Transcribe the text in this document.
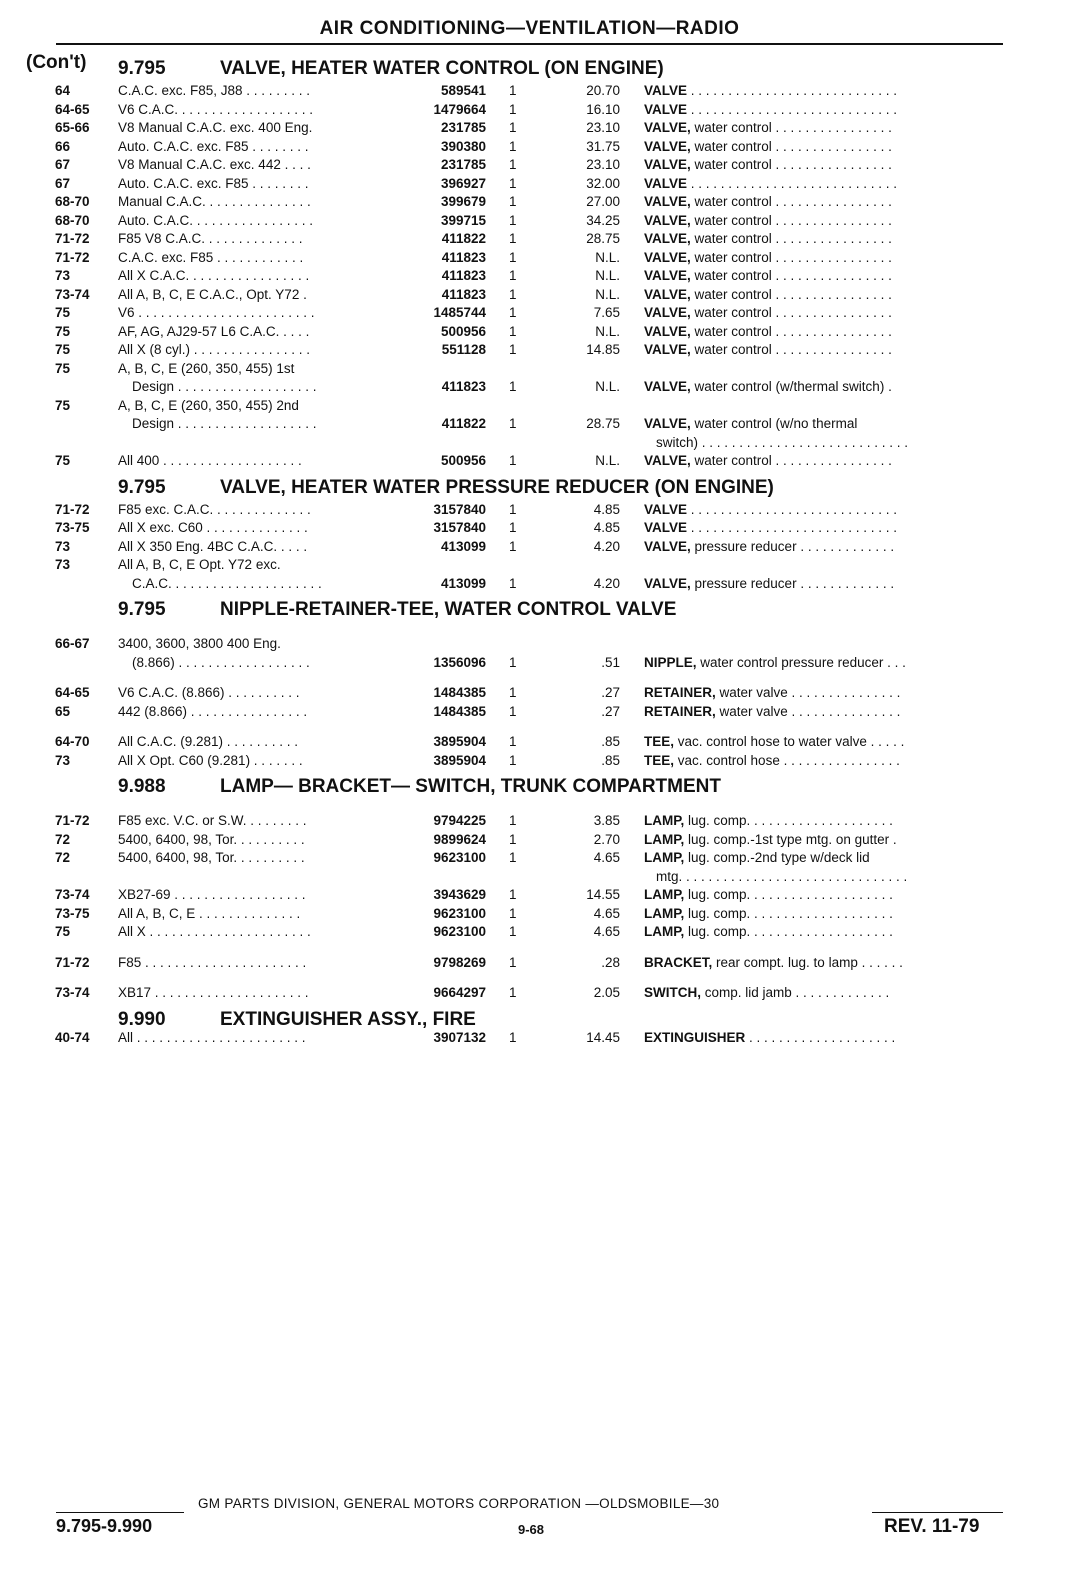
AIR CONDITIONING—VENTILATION—RADIO
9.795	VALVE, HEATER WATER CONTROL (ON ENGINE)
(Con't)
64	C.A.C. exc. F85, J88 . . . . . . . . .	589541 1	20.70 VALVE . . . . . . . . . . . . . . . . . . . . . . . . . . . .
64-65 V6 C.A.C. . . . . . . . . . . . . . . . . . .	1479664 1	16.10 VALVE . . . . . . . . . . . . . . . . . . . . . . . . . . . .
65-66 V8 Manual C.A.C. exc. 400 Eng.	231785 1	23.10 VALVE, water control . . . . . . . . . . . . . . . .
66	Auto. C.A.C. exc. F85 . . . . . . . .	390380 1	31.75 VALVE, water control . . . . . . . . . . . . . . . .
67	V8 Manual C.A.C. exc. 442 . . . .	231785 1	23.10 VALVE, water control . . . . . . . . . . . . . . . .
67	Auto. C.A.C. exc. F85 . . . . . . . .	396927 1	32.00 VALVE . . . . . . . . . . . . . . . . . . . . . . . . . . . .
68-70 Manual C.A.C. . . . . . . . . . . . . . .	399679 1	27.00 VALVE, water control . . . . . . . . . . . . . . . .
68-70 Auto. C.A.C. . . . . . . . . . . . . . . . .	399715 1	34.25 VALVE, water control . . . . . . . . . . . . . . . .
71-72 F85 V8 C.A.C. . . . . . . . . . . . . .	411822 1	28.75 VALVE, water control . . . . . . . . . . . . . . . .
71-72 C.A.C. exc. F85 . . . . . . . . . . . .	411823 1	N.L. VALVE, water control . . . . . . . . . . . . . . . .
73	All X C.A.C. . . . . . . . . . . . . . . . .	411823 1	N.L. VALVE, water control . . . . . . . . . . . . . . . .
73-74 All A, B, C, E C.A.C., Opt. Y72 .	411823 1	N.L. VALVE, water control . . . . . . . . . . . . . . . .
75	V6 . . . . . . . . . . . . . . . . . . . . . . . .	1485744 1	7.65 VALVE, water control . . . . . . . . . . . . . . . .
75	AF, AG, AJ29-57 L6 C.A.C. . . . .	500956 1	N.L. VALVE, water control . . . . . . . . . . . . . . . .
75	All X (8 cyl.) . . . . . . . . . . . . . . . .	551128 1	14.85 VALVE, water control . . . . . . . . . . . . . . . .
75	A, B, C, E (260, 350, 455) 1st
Design . . . . . . . . . . . . . . . . . . .	411823 1	N.L. VALVE, water control (w/thermal switch) .
75	A, B, C, E (260, 350, 455) 2nd
Design . . . . . . . . . . . . . . . . . . .	411822 1	28.75 VALVE, water control (w/no thermal
switch) . . . . . . . . . . . . . . . . . . . . . . . . . . . .
75	All 400 . . . . . . . . . . . . . . . . . . .	500956 1	N.L. VALVE, water control . . . . . . . . . . . . . . . .
9.795	VALVE, HEATER WATER PRESSURE REDUCER (ON ENGINE)
71-72 F85 exc. C.A.C. . . . . . . . . . . . . .	3157840 1	4.85 VALVE . . . . . . . . . . . . . . . . . . . . . . . . . . . .
73-75 All X exc. C60 . . . . . . . . . . . . . .	3157840 1	4.85 VALVE . . . . . . . . . . . . . . . . . . . . . . . . . . . .
73	All X 350 Eng. 4BC C.A.C. . . . .	413099 1	4.20 VALVE, pressure reducer . . . . . . . . . . . . .
73	All A, B, C, E Opt. Y72 exc.
C.A.C. . . . . . . . . . . . . . . . . . . . .	413099 1	4.20 VALVE, pressure reducer . . . . . . . . . . . . .
9.795	NIPPLE-RETAINER-TEE, WATER CONTROL VALVE
66-67 3400, 3600, 3800 400 Eng.
(8.866) . . . . . . . . . . . . . . . . . .	1356096 1	.51 NIPPLE, water control pressure reducer . . .
64-65 V6 C.A.C. (8.866) . . . . . . . . . .	1484385 1	.27 RETAINER, water valve . . . . . . . . . . . . . . .
65	442 (8.866) . . . . . . . . . . . . . . . .	1484385 1	.27 RETAINER, water valve . . . . . . . . . . . . . . .
64-70 All C.A.C. (9.281) . . . . . . . . . .	3895904 1	.85 TEE, vac. control hose to water valve . . . . .
73	All X Opt. C60 (9.281) . . . . . . .	3895904 1	.85 TEE, vac. control hose . . . . . . . . . . . . . . . .
9.988	LAMP— BRACKET— SWITCH, TRUNK COMPARTMENT
71-72 F85 exc. V.C. or S.W. . . . . . . . .	9794225 1	3.85 LAMP, lug. comp. . . . . . . . . . . . . . . . . . . .
72	5400, 6400, 98, Tor. . . . . . . . . .	9899624 1	2.70 LAMP, lug. comp.-1st type mtg. on gutter .
72	5400, 6400, 98, Tor. . . . . . . . . .	9623100 1	4.65 LAMP, lug. comp.-2nd type w/deck lid
mtg. . . . . . . . . . . . . . . . . . . . . . . . . . . . . . .
73-74 XB27-69 . . . . . . . . . . . . . . . . . .	3943629 1	14.55 LAMP, lug. comp. . . . . . . . . . . . . . . . . . . .
73-75 All A, B, C, E . . . . . . . . . . . . . .	9623100 1	4.65 LAMP, lug. comp. . . . . . . . . . . . . . . . . . . .
75	All X . . . . . . . . . . . . . . . . . . . . . .	9623100 1	4.65 LAMP, lug. comp. . . . . . . . . . . . . . . . . . . .
71-72 F85 . . . . . . . . . . . . . . . . . . . . . .	9798269 1	.28 BRACKET, rear compt. lug. to lamp . . . . . .
73-74 XB17 . . . . . . . . . . . . . . . . . . . . .	9664297 1	2.05 SWITCH, comp. lid jamb . . . . . . . . . . . . .
9.990	EXTINGUISHER ASSY., FIRE
40-74 All . . . . . . . . . . . . . . . . . . . . . . .	3907132 1	14.45 EXTINGUISHER . . . . . . . . . . . . . . . . . . . .
9.795-9.990
GM PARTS DIVISION, GENERAL MOTORS CORPORATION —OLDSMOBILE—30
9-68	REV. 11-79
